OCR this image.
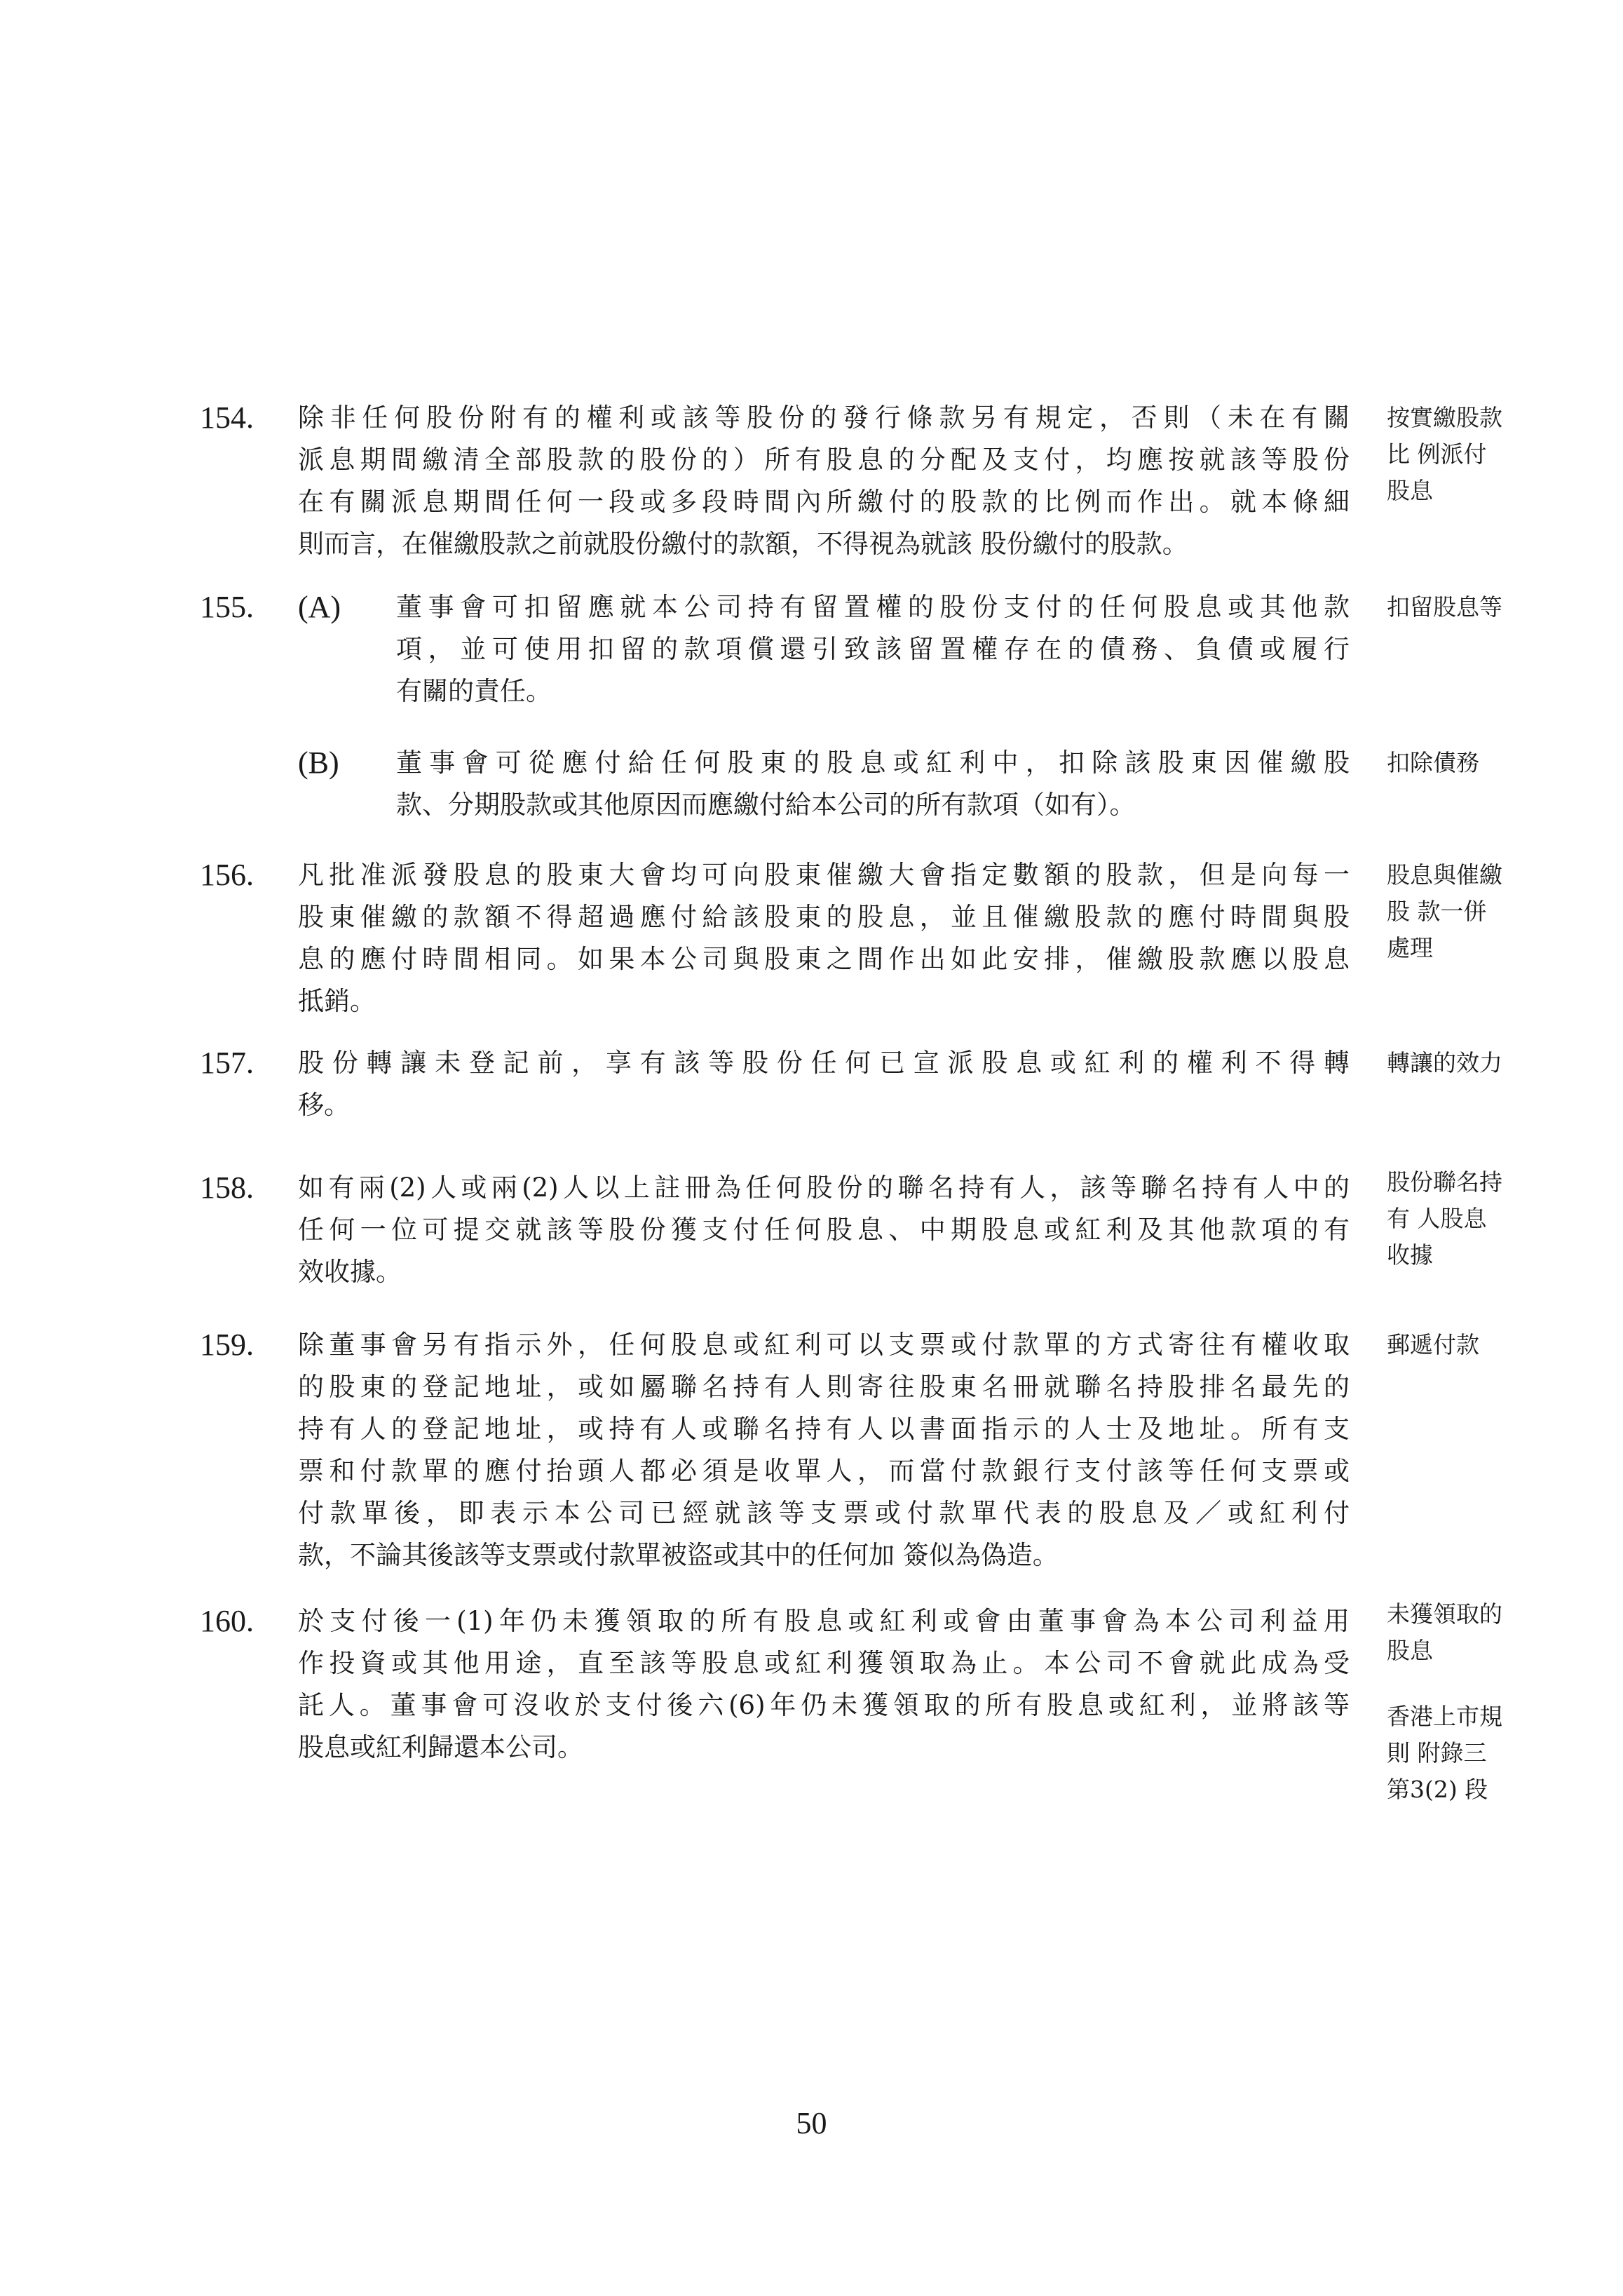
154. 除非任何股份附有的權利或該等股份的發行條款另有規定，否則（未在有關
派息期間繳清全部股款的股份的）所有股息的分配及支付，均應按就該等股份
在有關派息期間任何一段或多段時間內所繳付的股款的比例而作出。就本條細
則而言，在催繳股款之前就股份繳付的款額，不得視為就該 股份繳付的股款。
按實繳股款
比 例派付
股息
155. (A) 董事會可扣留應就本公司持有留置權的股份支付的任何股息或其他款
項，並可使用扣留的款項償還引致該留置權存在的債務、負債或履行
有關的責任。
扣留股息等
(B) 董事會可從應付給任何股東的股息或紅利中，扣除該股東因催繳股
款、分期股款或其他原因而應繳付給本公司的所有款項（如有）。
扣除債務
156. 凡批准派發股息的股東大會均可向股東催繳大會指定數額的股款，但是向每一
股東催繳的款額不得超過應付給該股東的股息，並且催繳股款的應付時間與股
息的應付時間相同。如果本公司與股東之間作出如此安排，催繳股款應以股息
抵銷。
股息與催繳
股 款一併
處理
157. 股份轉讓未登記前，享有該等股份任何已宣派股息或紅利的權利不得轉
移。
轉讓的效力
158. 如有兩(2)人或兩(2)人以上註冊為任何股份的聯名持有人，該等聯名持有人中的
任何一位可提交就該等股份獲支付任何股息、中期股息或紅利及其他款項的有
效收據。
股份聯名持
有 人股息
收據
159. 除董事會另有指示外，任何股息或紅利可以支票或付款單的方式寄往有權收取
的股東的登記地址，或如屬聯名持有人則寄往股東名冊就聯名持股排名最先的
持有人的登記地址，或持有人或聯名持有人以書面指示的人士及地址。所有支
票和付款單的應付抬頭人都必須是收單人，而當付款銀行支付該等任何支票或
付款單後，即表示本公司已經就該等支票或付款單代表的股息及／或紅利付
款，不論其後該等支票或付款單被盜或其中的任何加 簽似為偽造。
郵遞付款
160. 於支付後一(1)年仍未獲領取的所有股息或紅利或會由董事會為本公司利益用
作投資或其他用途，直至該等股息或紅利獲領取為止。本公司不會就此成為受
託人。董事會可沒收於支付後六(6)年仍未獲領取的所有股息或紅利，並將該等
股息或紅利歸還本公司。
未獲領取的
股息
香港上市規
則 附錄三
第3(2) 段
50
